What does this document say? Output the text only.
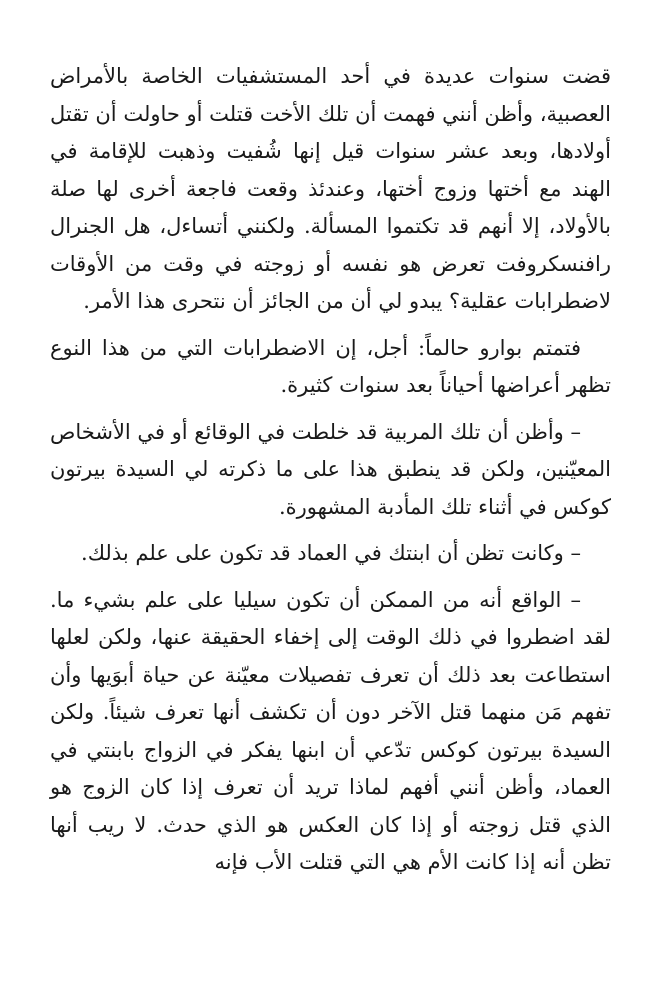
قضت سنوات عديدة في أحد المستشفيات الخاصة بالأمراض العصبية، وأظن أنني فهمت أن تلك الأخت قتلت أو حاولت أن تقتل أولادها، وبعد عشر سنوات قيل إنها شُفيت وذهبت للإقامة في الهند مع أختها وزوج أختها، وعندئذ وقعت فاجعة أخرى لها صلة بالأولاد، إلا أنهم قد تكتموا المسألة. ولكنني أتساءل، هل الجنرال رافنسكروفت تعرض هو نفسه أو زوجته في وقت من الأوقات لاضطرابات عقلية؟ يبدو لي أن من الجائز أن نتحرى هذا الأمر.

فتمتم بوارو حالماً: أجل، إن الاضطرابات التي من هذا النوع تظهر أعراضها أحياناً بعد سنوات كثيرة.

– وأظن أن تلك المربية قد خلطت في الوقائع أو في الأشخاص المعيّنين، ولكن قد ينطبق هذا على ما ذكرته لي السيدة بيرتون كوكس في أثناء تلك المأدبة المشهورة.

– وكانت تظن أن ابنتك في العماد قد تكون على علم بذلك.

– الواقع أنه من الممكن أن تكون سيليا على علم بشيء ما. لقد اضطروا في ذلك الوقت إلى إخفاء الحقيقة عنها، ولكن لعلها استطاعت بعد ذلك أن تعرف تفصيلات معيّنة عن حياة أبوَيها وأن تفهم مَن منهما قتل الآخر دون أن تكشف أنها تعرف شيئاً. ولكن السيدة بيرتون كوكس تدّعي أن ابنها يفكر في الزواج بابنتي في العماد، وأظن أنني أفهم لماذا تريد أن تعرف إذا كان الزوج هو الذي قتل زوجته أو إذا كان العكس هو الذي حدث. لا ريب أنها تظن أنه إذا كانت الأم هي التي قتلت الأب فإنه
